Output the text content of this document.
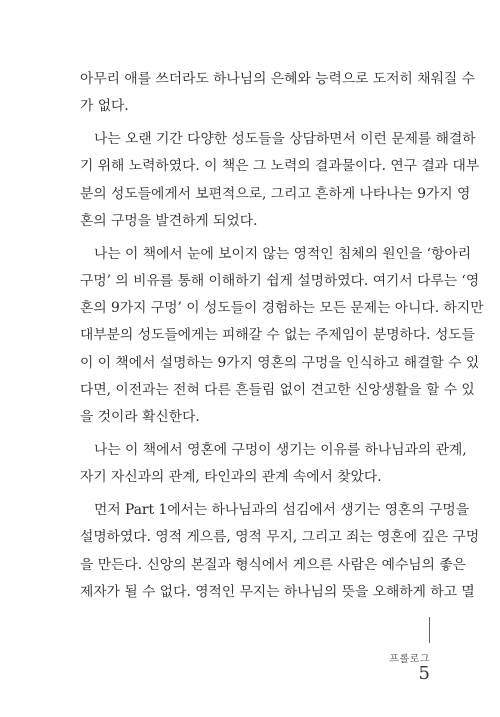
아무리 애를 쓰더라도 하나님의 은혜와 능력으로 도저히 채워질 수
가 없다.
나는 오랜 기간 다양한 성도들을 상담하면서 이런 문제를 해결하
기 위해 노력하였다. 이 책은 그 노력의 결과물이다. 연구 결과 대부
분의 성도들에게서 보편적으로, 그리고 흔하게 나타나는 9가지 영
혼의 구멍을 발견하게 되었다.
나는 이 책에서 눈에 보이지 않는 영적인 침체의 원인을 ‘항아리
구멍’ 의 비유를 통해 이해하기 쉽게 설명하였다. 여기서 다루는 ‘영
혼의 9가지 구멍’ 이 성도들이 경험하는 모든 문제는 아니다. 하지만
대부분의 성도들에게는 피해갈 수 없는 주제임이 분명하다. 성도들
이 이 책에서 설명하는 9가지 영혼의 구멍을 인식하고 해결할 수 있
다면, 이전과는 전혀 다른 흔들림 없이 견고한 신앙생활을 할 수 있
을 것이라 확신한다.
나는 이 책에서 영혼에 구멍이 생기는 이유를 하나님과의 관계,
자기 자신과의 관계, 타인과의 관계 속에서 찾았다.
먼저 Part 1에서는 하나님과의 섬김에서 생기는 영혼의 구멍을
설명하였다. 영적 게으름, 영적 무지, 그리고 죄는 영혼에 깊은 구멍
을 만든다. 신앙의 본질과 형식에서 게으른 사람은 예수님의 좋은
제자가 될 수 없다. 영적인 무지는 하나님의 뜻을 오해하게 하고 멸
프롤로그
5
